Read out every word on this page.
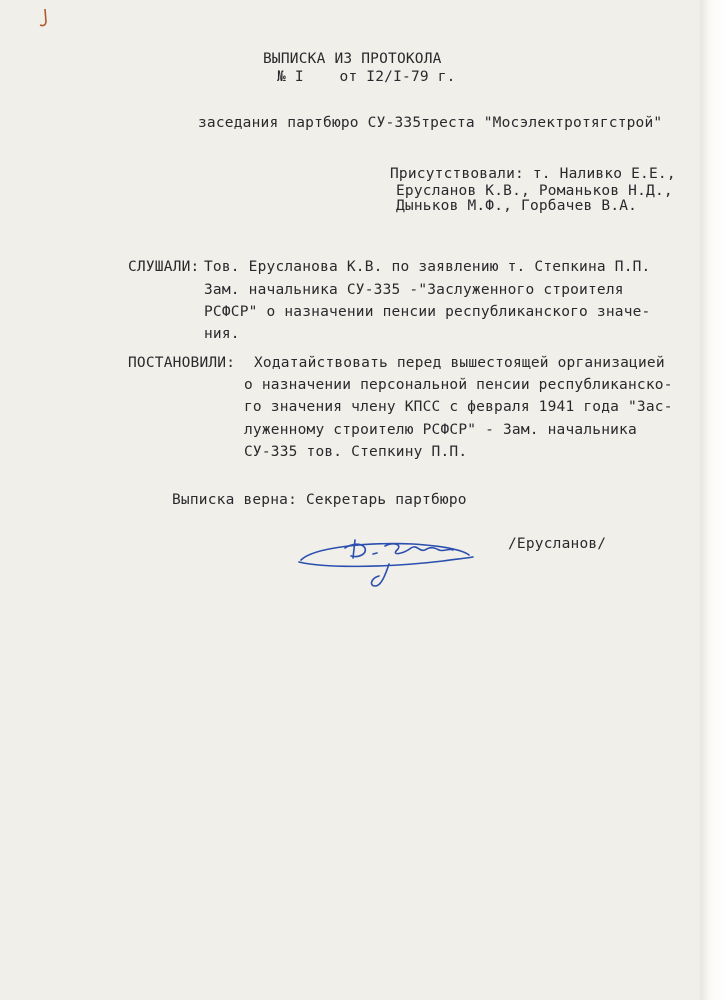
ВЫПИСКА ИЗ ПРОТОКОЛА
№ I    от I2/I-79 г.
заседания партбюро СУ-335треста "Мосэлектротягстрой"
Присутствовали: т. Наливко Е.Е.,
Ерусланов К.В., Романьков Н.Д.,
Дыньков М.Ф., Горбачев В.А.
СЛУШАЛИ: Тов. Ерусланова К.В. по заявлению т. Степкина П.П.
Зам. начальника СУ-335 -"Заслуженного строителя
РСФСР" о назначении пенсии республиканского значе-
ния.
ПОСТАНОВИЛИ: Ходатайствовать перед вышестоящей организацией
о назначении персональной пенсии республиканско-
го значения члену КПСС с февраля 1941 года "Зас-
луженному строителю РСФСР" - Зам. начальника
СУ-335 тов. Степкину П.П.
Выписка верна: Секретарь партбюро
/Ерусланов/
